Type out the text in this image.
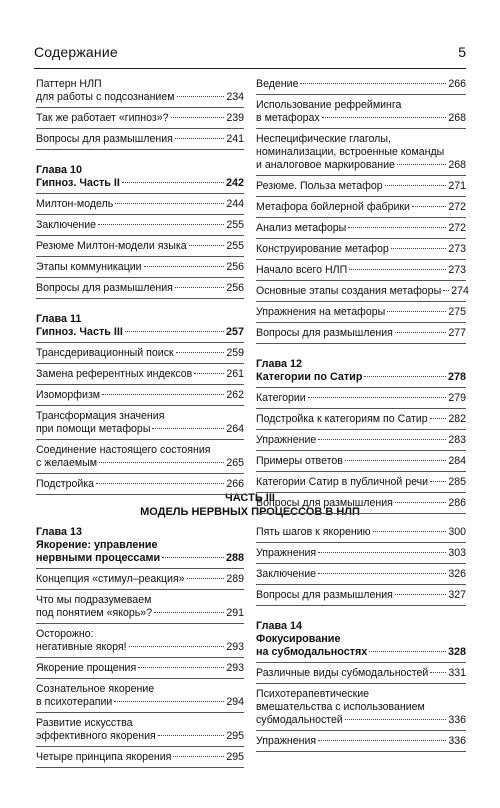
Содержание	5
ЧАСТЬ III
МОДЕЛЬ НЕРВНЫХ ПРОЦЕССОВ В НЛП
Паттерн НЛП
для работы с подсознанием	234
Так же работает «гипноз»?	239
Вопросы для размышления	241
Глава 10
Гипноз. Часть II	242
Милтон-модель	244
Заключение	255
Резюме Милтон-модели языка	255
Этапы коммуникации	256
Вопросы для размышления	256
Глава 11
Гипноз. Часть III	257
Трансдеривационный поиск	259
Замена референтных индексов	261
Изоморфизм	262
Трансформация значения
при помощи метафоры	264
Соединение настоящего состояния
с желаемым	265
Подстройка	266
Ведение	266
Использование рефрейминга
в метафорах	268
Неспецифические глаголы,
номинализации, встроенные команды
и аналоговое маркирование	268
Резюме. Польза метафор	271
Метафора бойлерной фабрики	272
Анализ метафоры	272
Конструирование метафор	273
Начало всего НЛП	273
Основные этапы создания метафоры 274
Упражнения на метафоры	275
Вопросы для размышления	277
Глава 12
Категории по Сатир	278
Категории	279
Подстройка к категориям по Сатир 282
Упражнение	283
Примеры ответов	284
Категории Сатир в публичной речи 285
Вопросы для размышления	286
Глава 13
Якорение: управление
нервными процессами	288
Концепция «стимул–реакция»	289
Что мы подразумеваем
под понятием «якорь»?	291
Осторожно:
негативные якоря!	293
Якорение прощения	293
Сознательное якорение
в психотерапии	294
Развитие искусства
эффективного якорения	295
Четыре принципа якорения	295
Пять шагов к якорению	300
Упражнения	303
Заключение	326
Вопросы для размышления	327
Глава 14
Фокусирование
на субмодальностях	328
Различные виды субмодальностей 331
Психотерапевтические
вмешательства с использованием
субмодальностей	336
Упражнения	336
